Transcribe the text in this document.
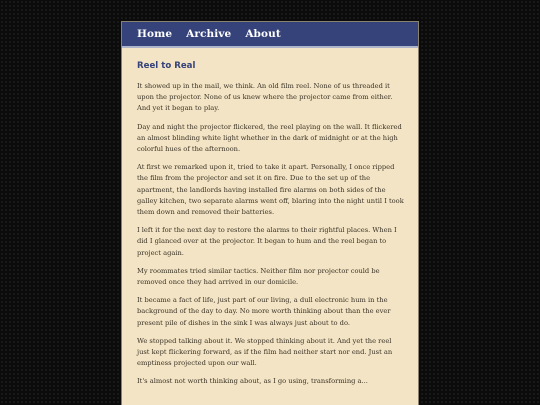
Home Archive About
Reel to Real

It showed up in the mail, we think. An old film reel. None of us threaded it upon the projector. None of us knew where the projector came from either. And yet it began to play.

Day and night the projector flickered, the reel playing on the wall. It flickered an almost blinding white light whether in the dark of midnight or at the high colorful hues of the afternoon.

At first we remarked upon it, tried to take it apart. Personally, I once ripped the film from the projector and set it on fire. Due to the set up of the apartment, the landlords having installed fire alarms on both sides of the galley kitchen, two separate alarms went off, blaring into the night until I took them down and removed their batteries.

I left it for the next day to restore the alarms to their rightful places. When I did I glanced over at the projector. It began to hum and the reel began to project again.

My roommates tried similar tactics. Neither film nor projector could be removed once they had arrived in our domicile.

It became a fact of life, just part of our living, a dull electronic hum in the background of the day to day. No more worth thinking about than the ever present pile of dishes in the sink I was always just about to do.

We stopped talking about it. We stopped thinking about it. And yet the reel just kept flickering forward, as if the film had neither start nor end. Just an emptiness projected upon our wall.

It's almost not worth thinking about, as I go using, transforming a...
